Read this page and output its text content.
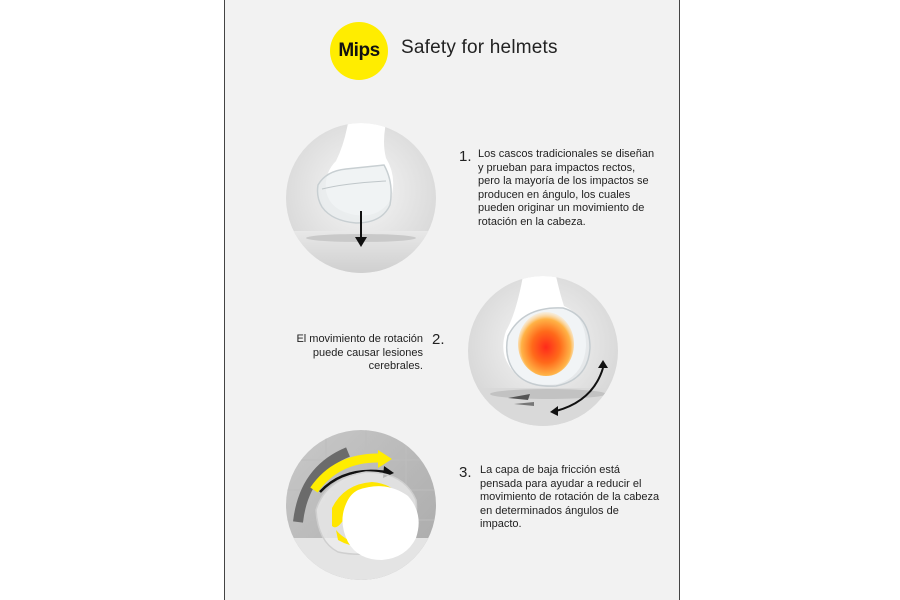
Mips Safety for helmets
1. Los cascos tradicionales se diseñan y prueban para impactos rectos, pero la mayoría de los impactos se producen en ángulo, los cuales pueden originar un movimiento de rotación en la cabeza.
2.
El movimiento de rotación puede causar lesiones cerebrales.
3. La capa de baja fricción está pensada para ayudar a reducir el movimiento de rotación de la cabeza en determinados ángulos de impacto.
